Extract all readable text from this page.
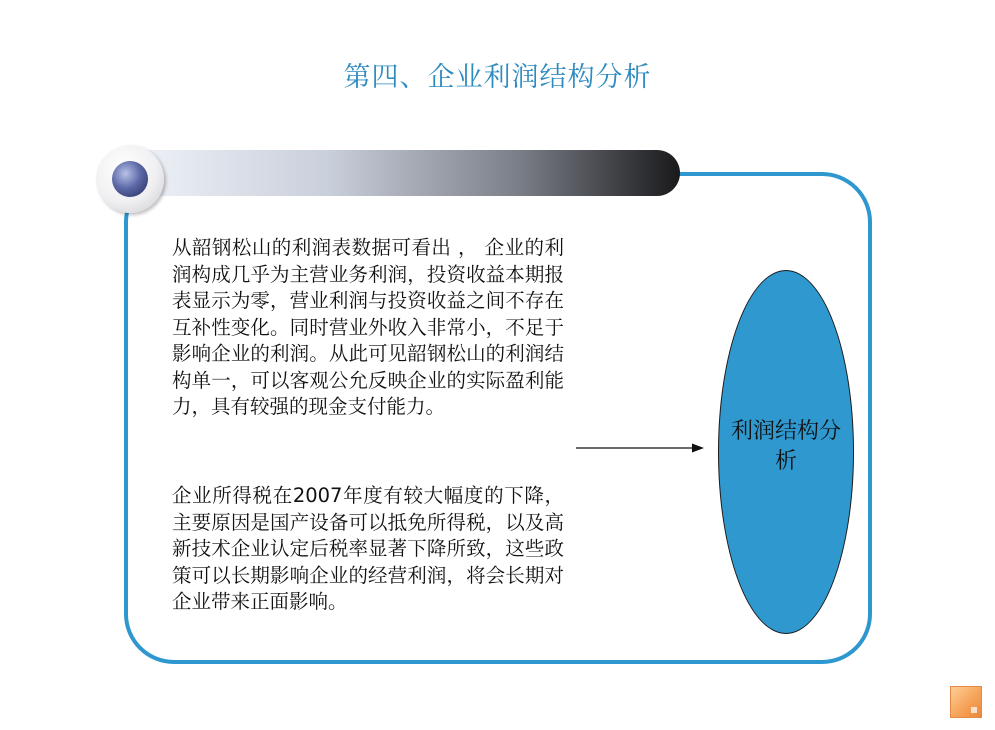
第四、企业利润结构分析
从韶钢松山的利润表数据可看出 ， 企业的利润构成几乎为主营业务利润，投资收益本期报表显示为零，营业利润与投资收益之间不存在互补性变化。同时营业外收入非常小，不足于影响企业的利润。从此可见韶钢松山的利润结构单一，可以客观公允反映企业的实际盈利能力，具有较强的现金支付能力。
企业所得税在2007年度有较大幅度的下降，主要原因是国产设备可以抵免所得税，以及高新技术企业认定后税率显著下降所致，这些政策可以长期影响企业的经营利润，将会长期对企业带来正面影响。
利润结构分析
